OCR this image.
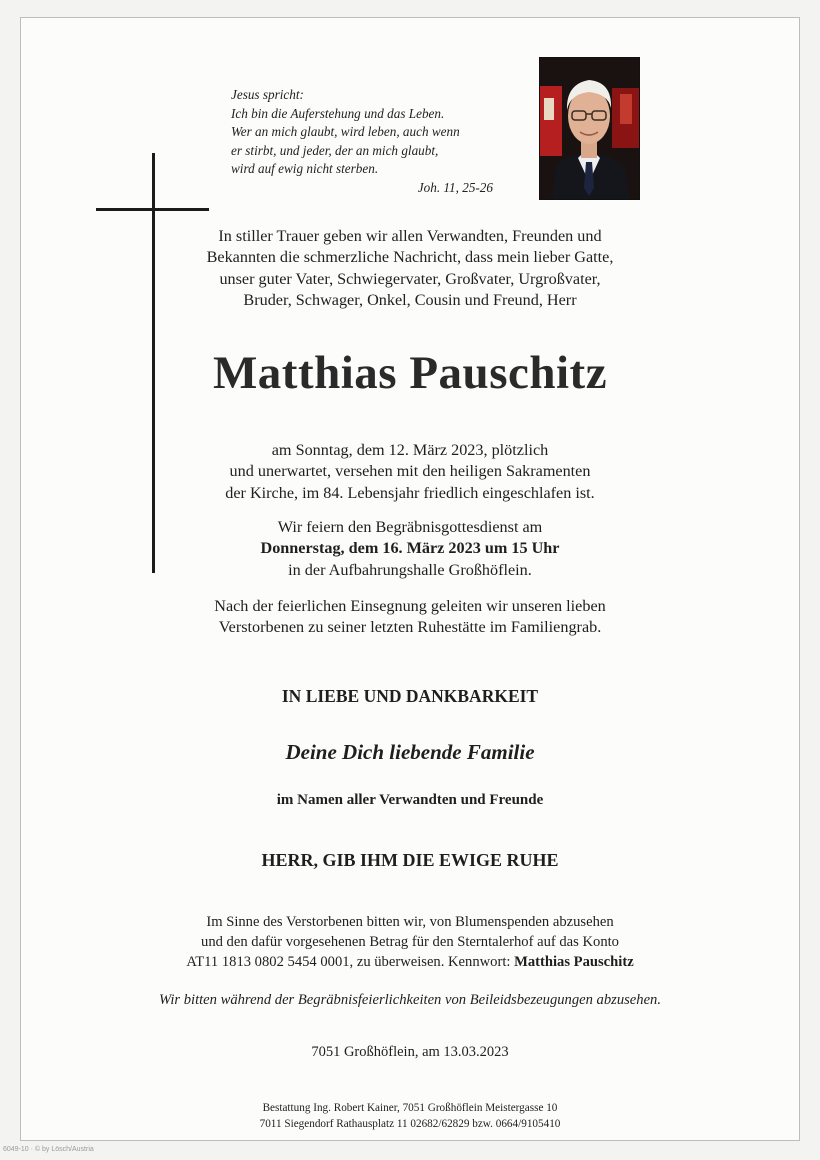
Jesus spricht:
Ich bin die Auferstehung und das Leben.
Wer an mich glaubt, wird leben, auch wenn
er stirbt, und jeder, der an mich glaubt,
wird auf ewig nicht sterben.
Joh. 11, 25-26
In stiller Trauer geben wir allen Verwandten, Freunden und
Bekannten die schmerzliche Nachricht, dass mein lieber Gatte,
unser guter Vater, Schwiegervater, Großvater, Urgroßvater,
Bruder, Schwager, Onkel, Cousin und Freund, Herr
Matthias Pauschitz
am Sonntag, dem 12. März 2023, plötzlich
und unerwartet, versehen mit den heiligen Sakramenten
der Kirche, im 84. Lebensjahr friedlich eingeschlafen ist.
Wir feiern den Begräbnisgottesdienst am
Donnerstag, dem 16. März 2023 um 15 Uhr
in der Aufbahrungshalle Großhöflein.
Nach der feierlichen Einsegnung geleiten wir unseren lieben
Verstorbenen zu seiner letzten Ruhestätte im Familiengrab.
IN LIEBE UND DANKBARKEIT
Deine Dich liebende Familie
im Namen aller Verwandten und Freunde
HERR, GIB IHM DIE EWIGE RUHE
Im Sinne des Verstorbenen bitten wir, von Blumenspenden abzusehen
und den dafür vorgesehenen Betrag für den Sterntalerhof auf das Konto
AT11 1813 0802 5454 0001, zu überweisen. Kennwort: Matthias Pauschitz
Wir bitten während der Begräbnisfeierlichkeiten von Beileidsbezeugungen abzusehen.
7051 Großhöflein, am 13.03.2023
Bestattung Ing. Robert Kainer, 7051 Großhöflein Meistergasse 10
7011 Siegendorf Rathausplatz 11 02682/62829 bzw. 0664/9105410
6049-10 · © by Lösch/Austria
